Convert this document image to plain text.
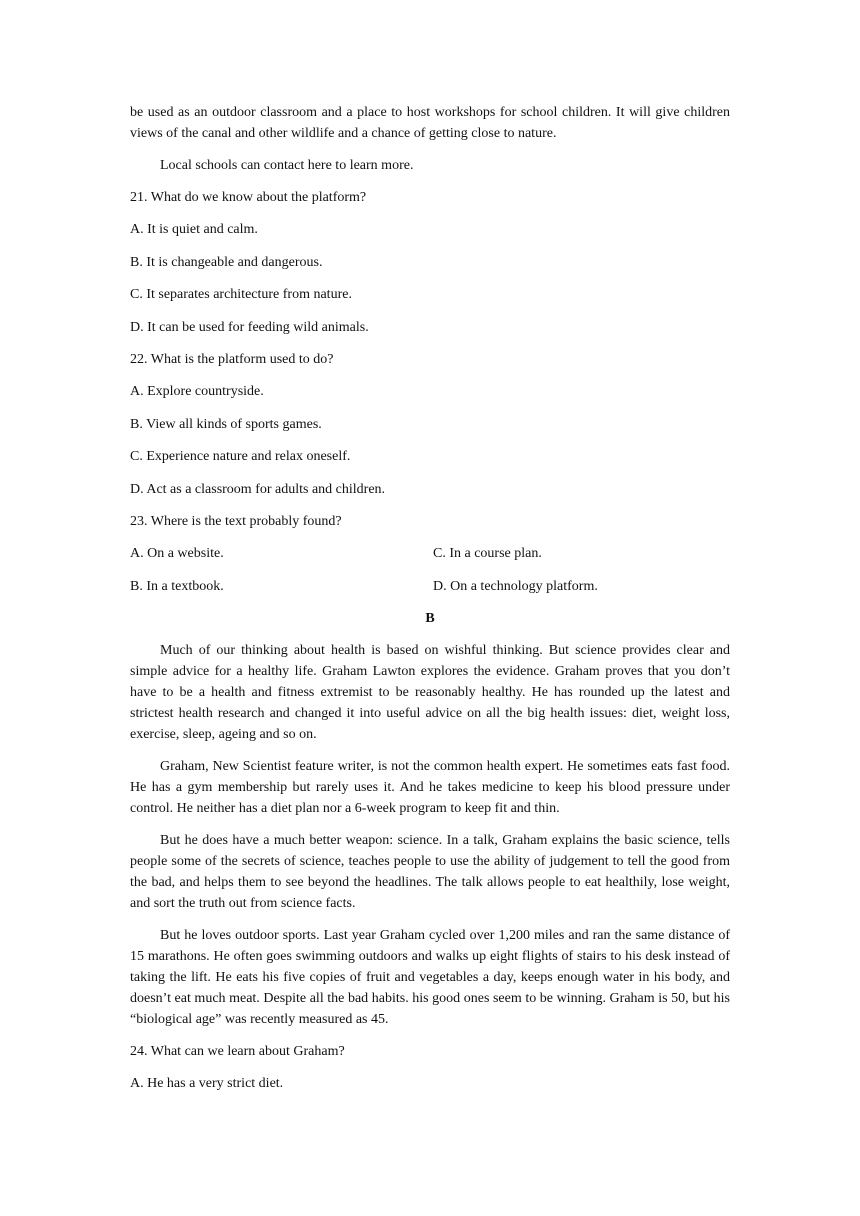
be used as an outdoor classroom and a place to host workshops for school children. It will give children views of the canal and other wildlife and a chance of getting close to nature.

Local schools can contact here to learn more.

21. What do we know about the platform?

A. It is quiet and calm.

B. It is changeable and dangerous.

C. It separates architecture from nature.

D. It can be used for feeding wild animals.

22. What is the platform used to do?

A. Explore countryside.

B. View all kinds of sports games.

C. Experience nature and relax oneself.

D. Act as a classroom for adults and children.

23. Where is the text probably found?

A. On a website.	C. In a course plan.
B. In a textbook.	D. On a technology platform.

B

Much of our thinking about health is based on wishful thinking. But science provides clear and simple advice for a healthy life. Graham Lawton explores the evidence. Graham proves that you don’t have to be a health and fitness extremist to be reasonably healthy. He has rounded up the latest and strictest health research and changed it into useful advice on all the big health issues: diet, weight loss, exercise, sleep, ageing and so on.

Graham, New Scientist feature writer, is not the common health expert. He sometimes eats fast food. He has a gym membership but rarely uses it. And he takes medicine to keep his blood pressure under control. He neither has a diet plan nor a 6-week program to keep fit and thin.

But he does have a much better weapon: science. In a talk, Graham explains the basic science, tells people some of the secrets of science, teaches people to use the ability of judgement to tell the good from the bad, and helps them to see beyond the headlines. The talk allows people to eat healthily, lose weight, and sort the truth out from science facts.

But he loves outdoor sports. Last year Graham cycled over 1,200 miles and ran the same distance of 15 marathons. He often goes swimming outdoors and walks up eight flights of stairs to his desk instead of taking the lift. He eats his five copies of fruit and vegetables a day, keeps enough water in his body, and doesn’t eat much meat. Despite all the bad habits. his good ones seem to be winning. Graham is 50, but his “biological age” was recently measured as 45.

24. What can we learn about Graham?

A. He has a very strict diet.
